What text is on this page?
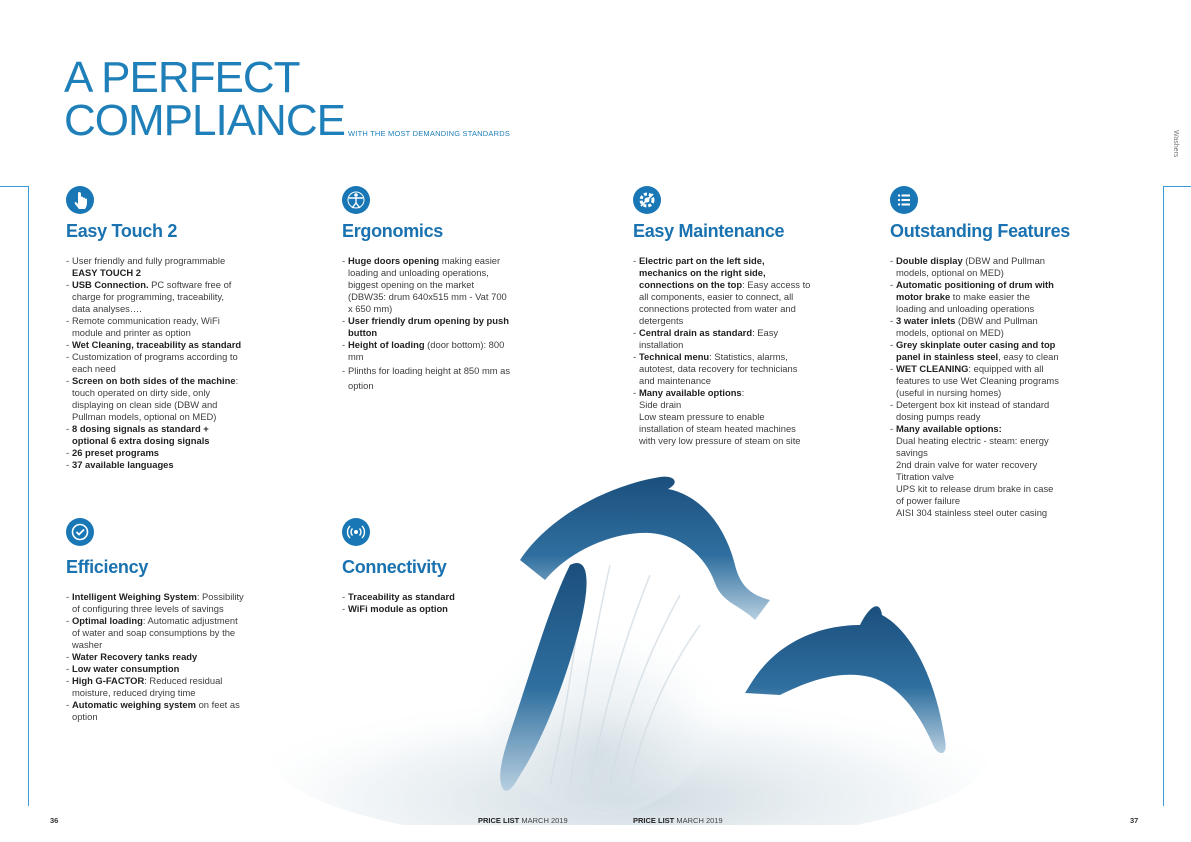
A PERFECT
COMPLIANCE WITH THE MOST DEMANDING STANDARDS	Washers
Easy Touch 2
- User friendly and fully programmable EASY TOUCH 2
- USB Connection. PC software free of charge for programming, traceability, data analyses….
- Remote communication ready, WiFi module and printer as option
- Wet Cleaning, traceability as standard
- Customization of programs according to each need
- Screen on both sides of the machine: touch operated on dirty side, only displaying on clean side (DBW and Pullman models, optional on MED)
- 8 dosing signals as standard + optional 6 extra dosing signals
- 26 preset programs
- 37 available languages
Ergonomics
- Huge doors opening making easier loading and unloading operations, biggest opening on the market (DBW35: drum 640x515 mm - Vat 700 x 650 mm)
- User friendly drum opening by push button
- Height of loading (door bottom): 800 mm
- Plinths for loading height at 850 mm as option
Easy Maintenance
- Electric part on the left side, mechanics on the right side, connections on the top: Easy access to all components, easier to connect, all connections protected from water and detergents
- Central drain as standard: Easy installation
- Technical menu: Statistics, alarms, autotest, data recovery for technicians and maintenance
- Many available options:
Side drain
Low steam pressure to enable installation of steam heated machines with very low pressure of steam on site
Outstanding Features
- Double display (DBW and Pullman models, optional on MED)
- Automatic positioning of drum with motor brake to make easier the loading and unloading operations
- 3 water inlets (DBW and Pullman models, optional on MED)
- Grey skinplate outer casing and top panel in stainless steel, easy to clean
- WET CLEANING: equipped with all features to use Wet Cleaning programs (useful in nursing homes)
- Detergent box kit instead of standard dosing pumps ready
- Many available options:
Dual heating electric - steam: energy savings
2nd drain valve for water recovery
Titration valve
UPS kit to release drum brake in case of power failure
AISI 304 stainless steel outer casing
Efficiency
- Intelligent Weighing System: Possibility of configuring three levels of savings
- Optimal loading: Automatic adjustment of water and soap consumptions by the washer
- Water Recovery tanks ready
- Low water consumption
- High G-FACTOR: Reduced residual moisture, reduced drying time
- Automatic weighing system on feet as option
Connectivity
- Traceability as standard
- WiFi module as option
36	37
PRICE LIST MARCH 2019	PRICE LIST MARCH 2019
